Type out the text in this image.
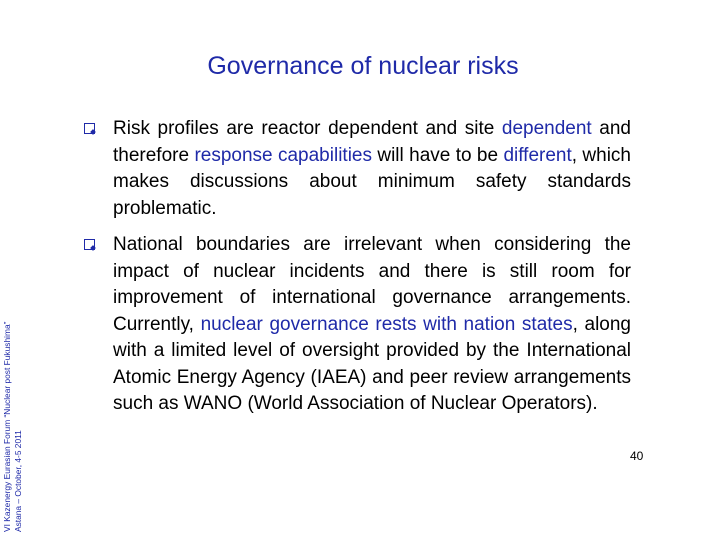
Governance of nuclear risks
VI Kazenergy Eurasian Forum “Nuclear post Fukushima” Astana – October, 4-5 2011
Risk profiles are reactor dependent and site dependent and therefore response capabilities will have to be different, which makes discussions about minimum safety standards problematic.
National boundaries are irrelevant when considering the impact of nuclear incidents and there is still room for improvement of international governance arrangements. Currently, nuclear governance rests with nation states, along with a limited level of oversight provided by the International Atomic Energy Agency (IAEA) and peer review arrangements such as WANO (World Association of Nuclear Operators).
40
